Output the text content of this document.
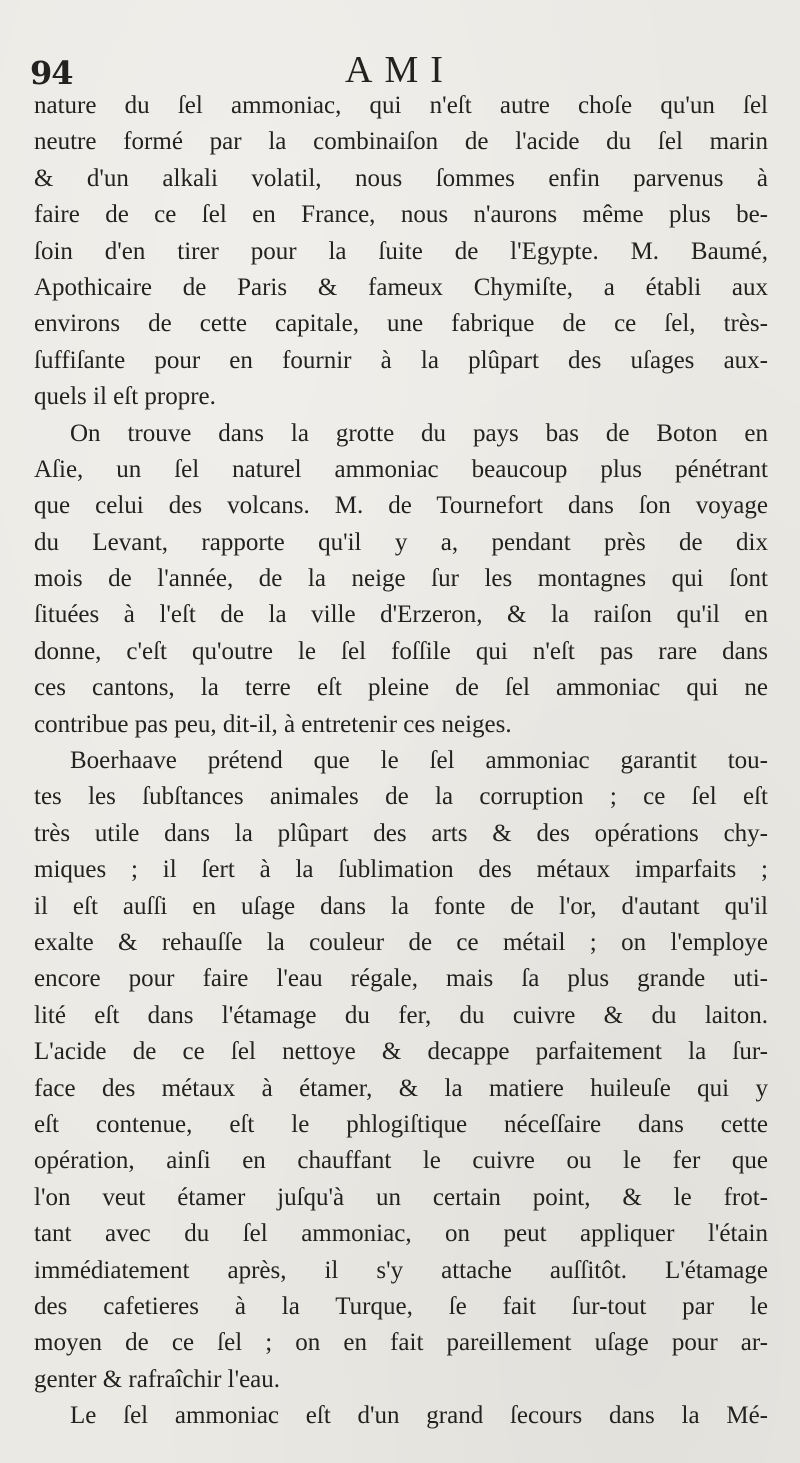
94	AMI
nature du ſel ammoniac, qui n'eſt autre choſe qu'un ſel
neutre formé par la combinaiſon de l'acide du ſel marin
& d'un alkali volatil, nous ſommes enfin parvenus à
faire de ce ſel en France, nous n'aurons même plus be-
ſoin d'en tirer pour la ſuite de l'Egypte. M. Baumé,
Apothicaire de Paris & fameux Chymiſte, a établi aux
environs de cette capitale, une fabrique de ce ſel, très-
ſuffiſante pour en fournir à la plûpart des uſages aux-
quels il eſt propre.
On trouve dans la grotte du pays bas de Boton en
Aſie, un ſel naturel ammoniac beaucoup plus pénétrant
que celui des volcans. M. de Tournefort dans ſon voyage
du Levant, rapporte qu'il y a, pendant près de dix
mois de l'année, de la neige ſur les montagnes qui ſont
ſituées à l'eſt de la ville d'Erzeron, & la raiſon qu'il en
donne, c'eſt qu'outre le ſel foſſile qui n'eſt pas rare dans
ces cantons, la terre eſt pleine de ſel ammoniac qui ne
contribue pas peu, dit-il, à entretenir ces neiges.
Boerhaave prétend que le ſel ammoniac garantit tou-
tes les ſubſtances animales de la corruption ; ce ſel eſt
très utile dans la plûpart des arts & des opérations chy-
miques ; il ſert à la ſublimation des métaux imparfaits ;
il eſt auſſi en uſage dans la fonte de l'or, d'autant qu'il
exalte & rehauſſe la couleur de ce métail ; on l'employe
encore pour faire l'eau régale, mais ſa plus grande uti-
lité eſt dans l'étamage du fer, du cuivre & du laiton.
L'acide de ce ſel nettoye & decappe parfaitement la ſur-
face des métaux à étamer, & la matiere huileuſe qui y
eſt contenue, eſt le phlogiſtique néceſſaire dans cette
opération, ainſi en chauffant le cuivre ou le fer que
l'on veut étamer juſqu'à un certain point, & le frot-
tant avec du ſel ammoniac, on peut appliquer l'étain
immédiatement après, il s'y attache auſſitôt. L'étamage
des cafetieres à la Turque, ſe fait ſur-tout par le
moyen de ce ſel ; on en fait pareillement uſage pour ar-
genter & rafraîchir l'eau.
Le ſel ammoniac eſt d'un grand ſecours dans la Mé-
